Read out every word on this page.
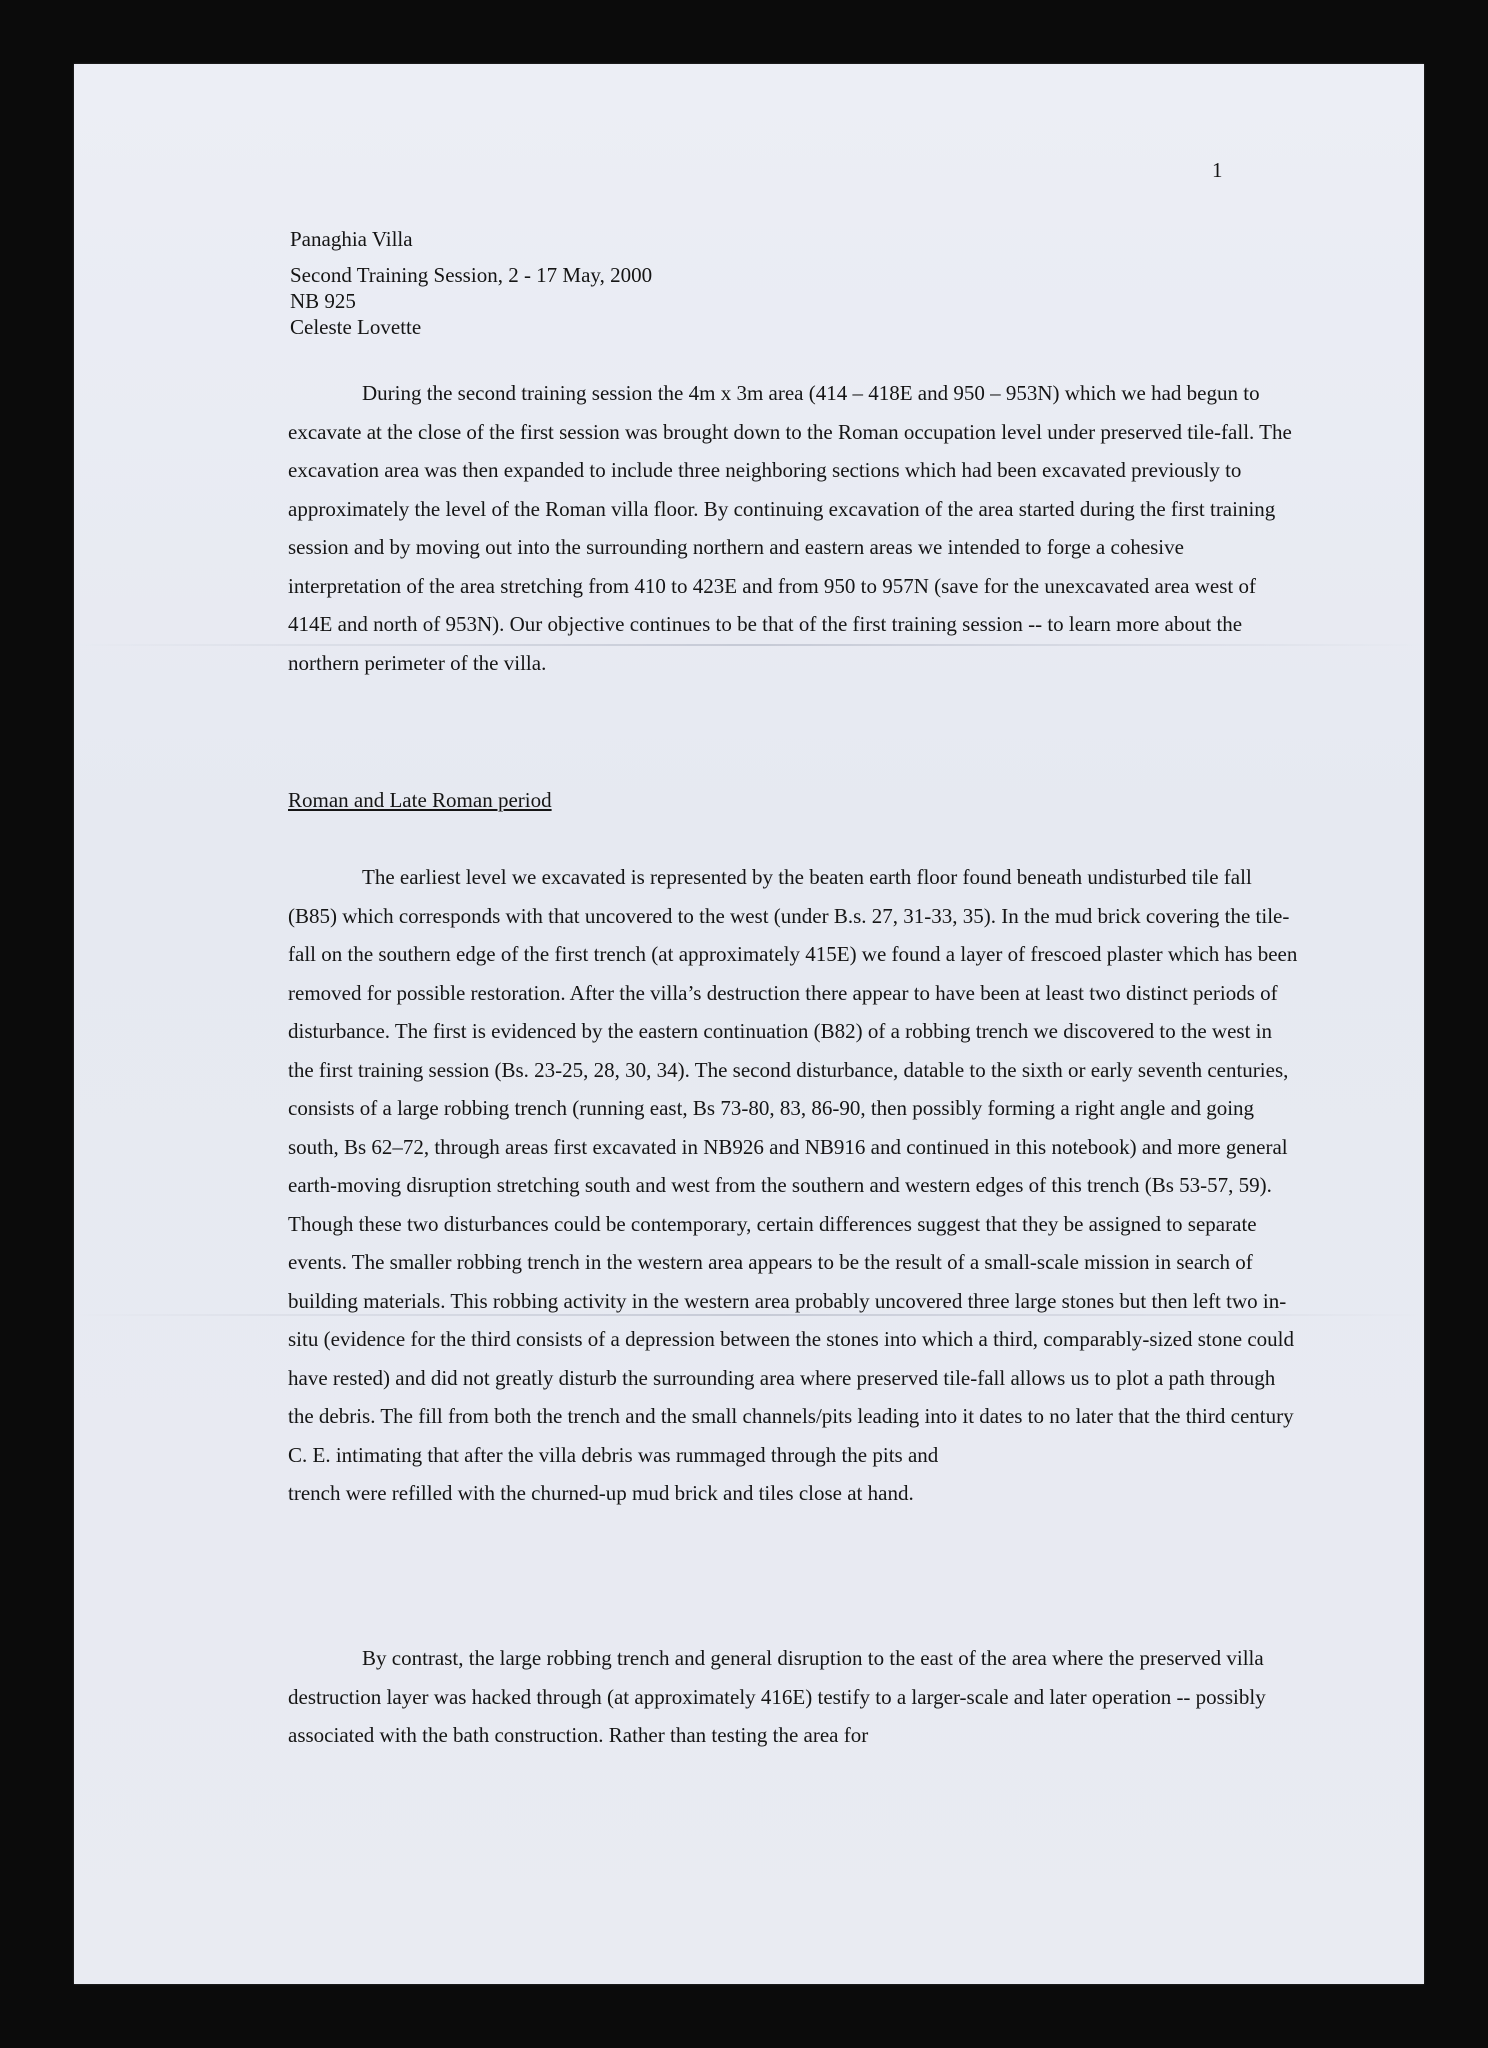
1
Panaghia Villa
Second Training Session, 2 - 17 May, 2000
NB 925
Celeste Lovette

During the second training session the 4m x 3m area (414 – 418E and 950 – 953N) which we had begun to excavate at the close of the first session was brought down to the Roman occupation level under preserved tile-fall. The excavation area was then expanded to include three neighboring sections which had been excavated previously to approximately the level of the Roman villa floor. By continuing excavation of the area started during the first training session and by moving out into the surrounding northern and eastern areas we intended to forge a cohesive interpretation of the area stretching from 410 to 423E and from 950 to 957N (save for the unexcavated area west of 414E and north of 953N). Our objective continues to be that of the first training session -- to learn more about the northern perimeter of the villa.

Roman and Late Roman period

The earliest level we excavated is represented by the beaten earth floor found beneath undisturbed tile fall (B85) which corresponds with that uncovered to the west (under B.s. 27, 31-33, 35). In the mud brick covering the tile-fall on the southern edge of the first trench (at approximately 415E) we found a layer of frescoed plaster which has been removed for possible restoration. After the villa’s destruction there appear to have been at least two distinct periods of disturbance. The first is evidenced by the eastern continuation (B82) of a robbing trench we discovered to the west in the first training session (Bs. 23-25, 28, 30, 34). The second disturbance, datable to the sixth or early seventh centuries, consists of a large robbing trench (running east, Bs 73-80, 83, 86-90, then possibly forming a right angle and going south, Bs 62–72, through areas first excavated in NB926 and NB916 and continued in this notebook) and more general earth-moving disruption stretching south and west from the southern and western edges of this trench (Bs 53-57, 59). Though these two disturbances could be contemporary, certain differences suggest that they be assigned to separate events. The smaller robbing trench in the western area appears to be the result of a small-scale mission in search of building materials. This robbing activity in the western area probably uncovered three large stones but then left two in-situ (evidence for the third consists of a depression between the stones into which a third, comparably-sized stone could have rested) and did not greatly disturb the surrounding area where preserved tile-fall allows us to plot a path through the debris. The fill from both the trench and the small channels/pits leading into it dates to no later that the third century C. E. intimating that after the villa debris was rummaged through the pits and
trench were refilled with the churned-up mud brick and tiles close at hand.

By contrast, the large robbing trench and general disruption to the east of the area where the preserved villa destruction layer was hacked through (at approximately 416E) testify to a larger-scale and later operation -- possibly associated with the bath construction. Rather than testing the area for
